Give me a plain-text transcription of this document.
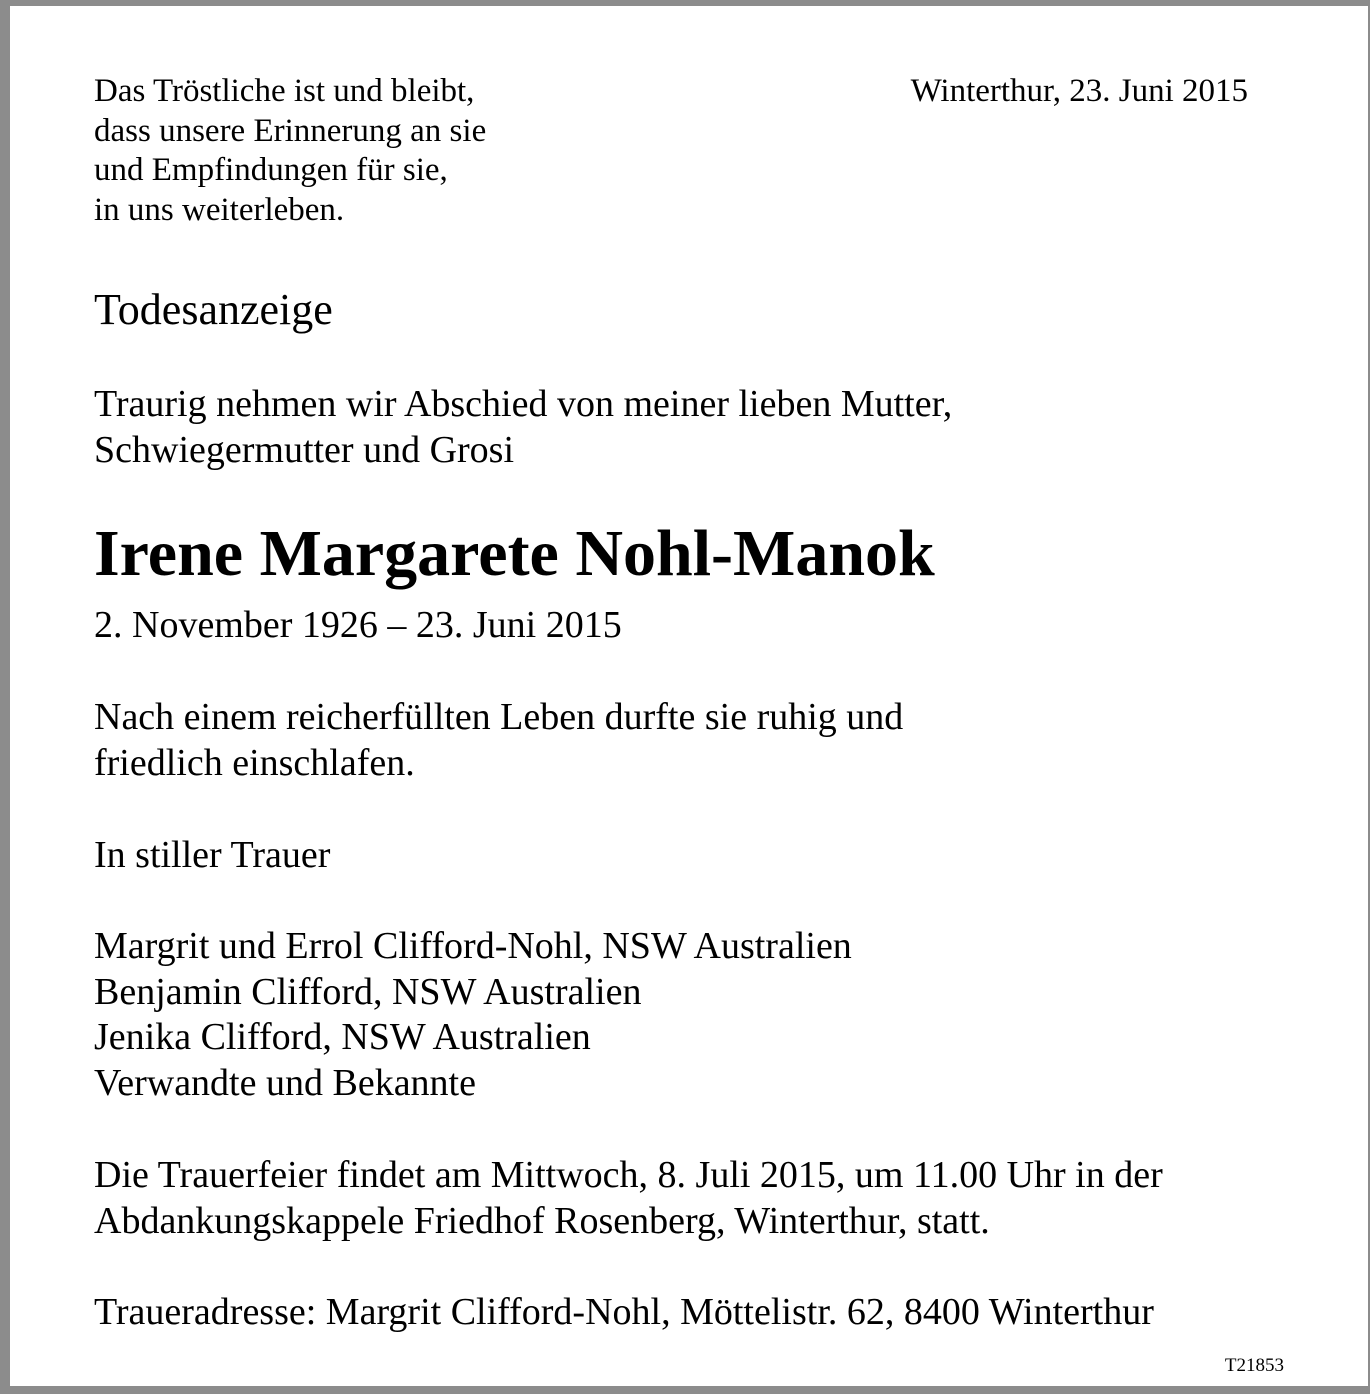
Das Tröstliche ist und bleibt,
dass unsere Erinnerung an sie
und Empfindungen für sie,
in uns weiterleben.
Winterthur, 23. Juni 2015
Todesanzeige
Traurig nehmen wir Abschied von meiner lieben Mutter,
Schwiegermutter und Grosi
Irene Margarete Nohl-Manok
2. November 1926 – 23. Juni 2015
Nach einem reicherfüllten Leben durfte sie ruhig und
friedlich einschlafen.
In stiller Trauer
Margrit und Errol Clifford-Nohl, NSW Australien
Benjamin Clifford, NSW Australien
Jenika Clifford, NSW Australien
Verwandte und Bekannte
Die Trauerfeier findet am Mittwoch, 8. Juli 2015, um 11.00 Uhr in der
Abdankungskappele Friedhof Rosenberg, Winterthur, statt.
Traueradresse: Margrit Clifford-Nohl, Möttelistr. 62, 8400 Winterthur
T21853
